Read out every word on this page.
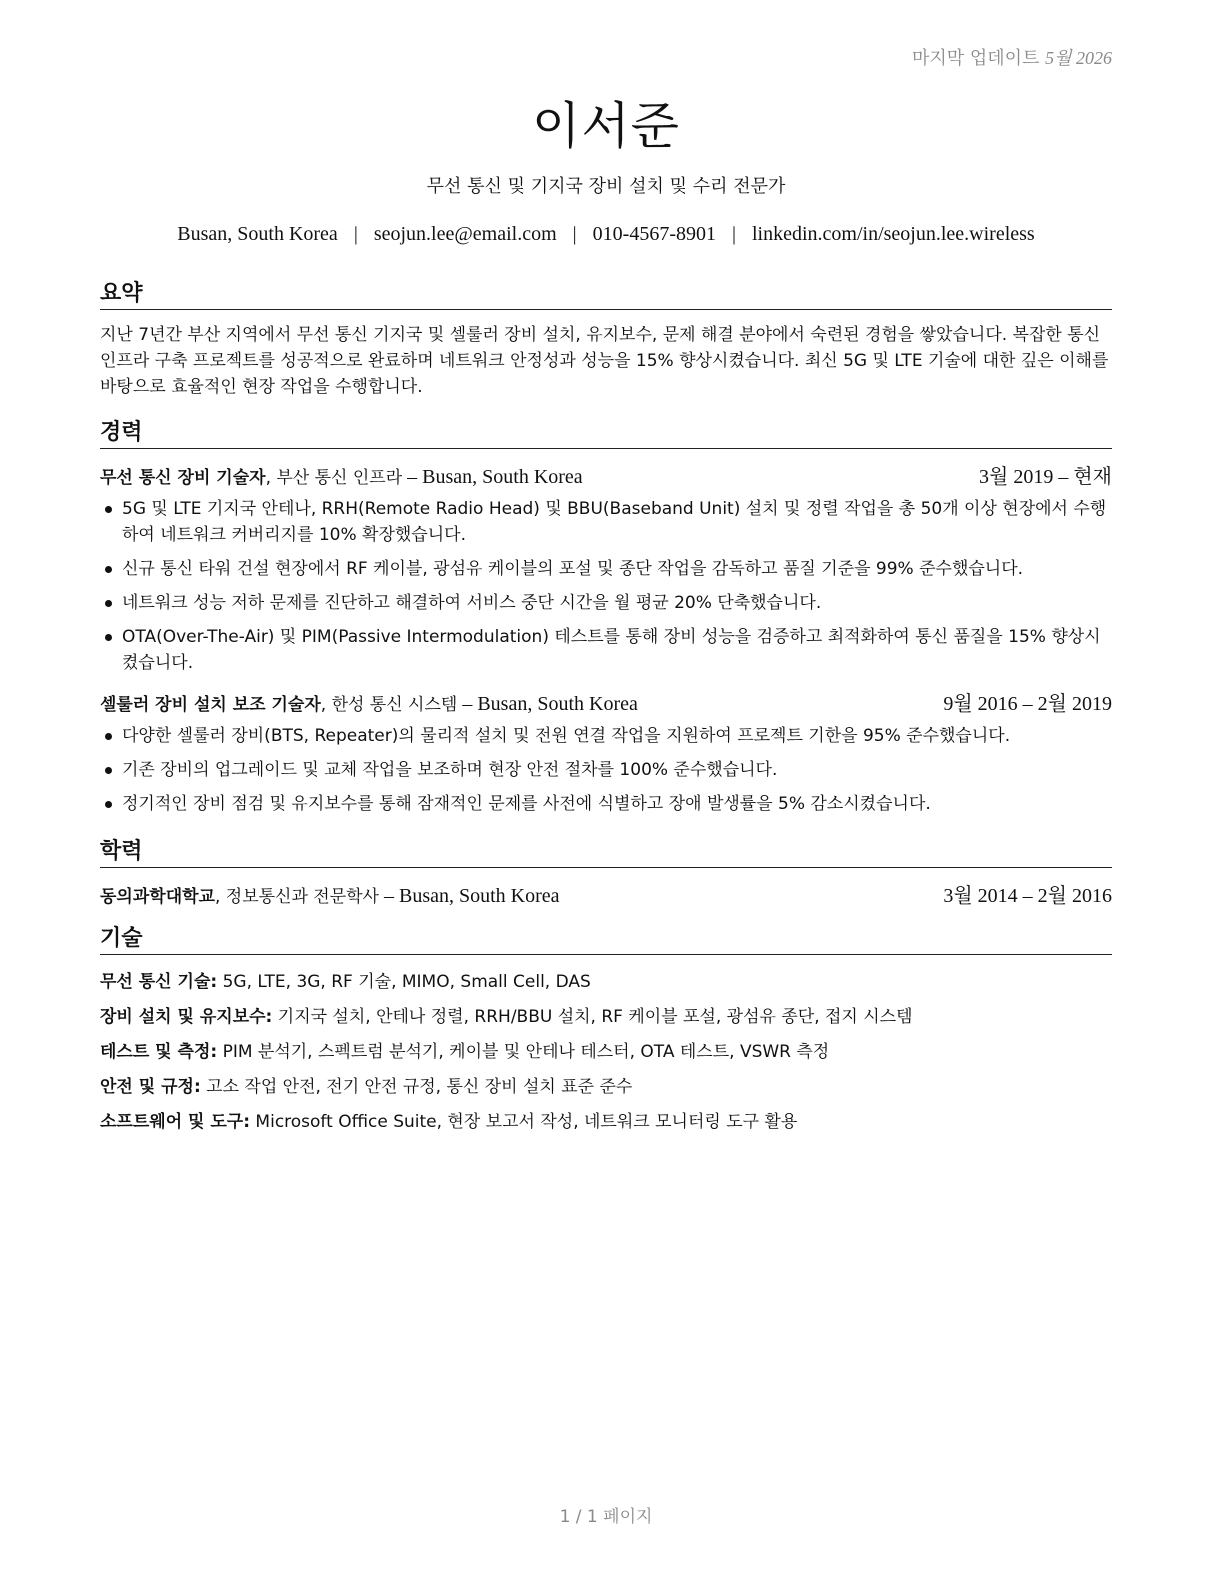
마지막 업데이트 5월 2026
이서준
무선 통신 및 기지국 장비 설치 및 수리 전문가
Busan, South Korea | seojun.lee@email.com | 010-4567-8901 | linkedin.com/in/seojun.lee.wireless
요약
지난 7년간 부산 지역에서 무선 통신 기지국 및 셀룰러 장비 설치, 유지보수, 문제 해결 분야에서 숙련된 경험을 쌓았습니다. 복잡한 통신 인프라 구축 프로젝트를 성공적으로 완료하며 네트워크 안정성과 성능을 15% 향상시켰습니다. 최신 5G 및 LTE 기술에 대한 깊은 이해를 바탕으로 효율적인 현장 작업을 수행합니다.
경력
무선 통신 장비 기술자, 부산 통신 인프라 – Busan, South Korea	3월 2019 – 현재
5G 및 LTE 기지국 안테나, RRH(Remote Radio Head) 및 BBU(Baseband Unit) 설치 및 정렬 작업을 총 50개 이상 현장에서 수행하여 네트워크 커버리지를 10% 확장했습니다.
신규 통신 타워 건설 현장에서 RF 케이블, 광섬유 케이블의 포설 및 종단 작업을 감독하고 품질 기준을 99% 준수했습니다.
네트워크 성능 저하 문제를 진단하고 해결하여 서비스 중단 시간을 월 평균 20% 단축했습니다.
OTA(Over-The-Air) 및 PIM(Passive Intermodulation) 테스트를 통해 장비 성능을 검증하고 최적화하여 통신 품질을 15% 향상시켰습니다.
셀룰러 장비 설치 보조 기술자, 한성 통신 시스템 – Busan, South Korea	9월 2016 – 2월 2019
다양한 셀룰러 장비(BTS, Repeater)의 물리적 설치 및 전원 연결 작업을 지원하여 프로젝트 기한을 95% 준수했습니다.
기존 장비의 업그레이드 및 교체 작업을 보조하며 현장 안전 절차를 100% 준수했습니다.
정기적인 장비 점검 및 유지보수를 통해 잠재적인 문제를 사전에 식별하고 장애 발생률을 5% 감소시켰습니다.
학력
동의과학대학교, 정보통신과 전문학사 – Busan, South Korea	3월 2014 – 2월 2016
기술
무선 통신 기술: 5G, LTE, 3G, RF 기술, MIMO, Small Cell, DAS
장비 설치 및 유지보수: 기지국 설치, 안테나 정렬, RRH/BBU 설치, RF 케이블 포설, 광섬유 종단, 접지 시스템
테스트 및 측정: PIM 분석기, 스펙트럼 분석기, 케이블 및 안테나 테스터, OTA 테스트, VSWR 측정
안전 및 규정: 고소 작업 안전, 전기 안전 규정, 통신 장비 설치 표준 준수
소프트웨어 및 도구: Microsoft Office Suite, 현장 보고서 작성, 네트워크 모니터링 도구 활용
1 / 1 페이지
